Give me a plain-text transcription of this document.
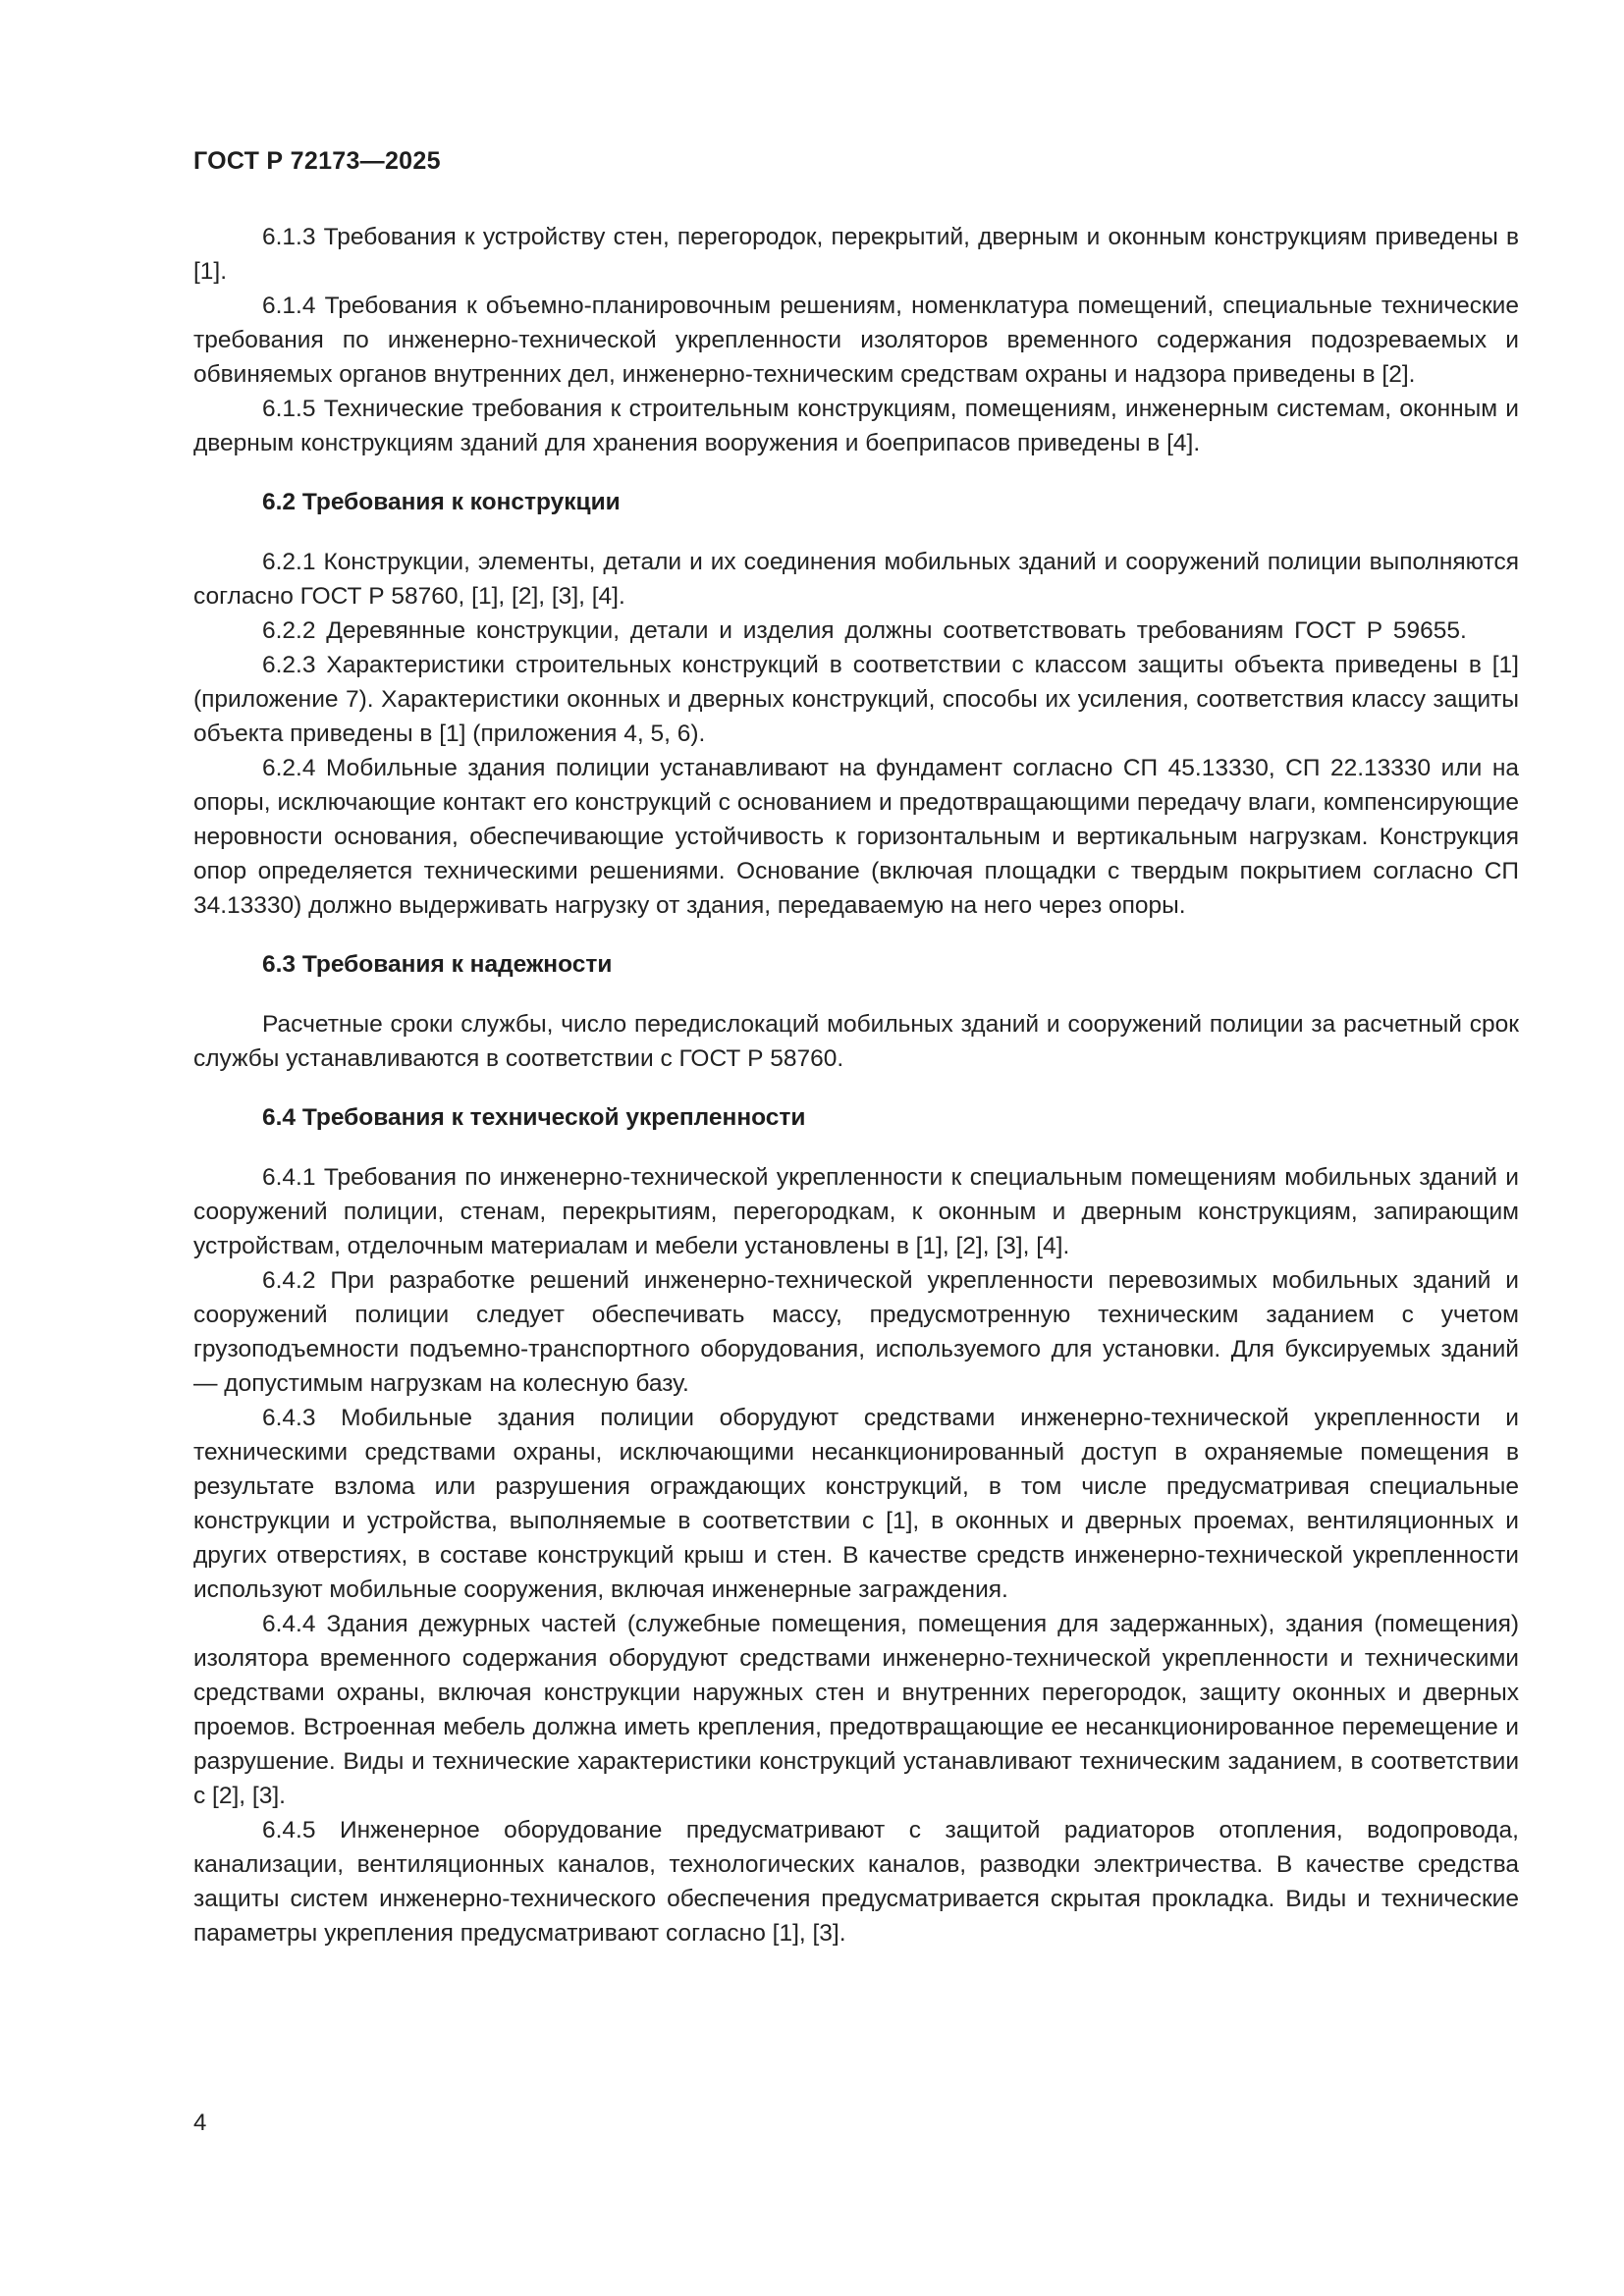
ГОСТ Р 72173—2025

6.1.3 Требования к устройству стен, перегородок, перекрытий, дверным и оконным конструкциям приведены в [1].

6.1.4 Требования к объемно-планировочным решениям, номенклатура помещений, специальные технические требования по инженерно-технической укрепленности изоляторов временного содержания подозреваемых и обвиняемых органов внутренних дел, инженерно-техническим средствам охраны и надзора приведены в [2].

6.1.5 Технические требования к строительным конструкциям, помещениям, инженерным системам, оконным и дверным конструкциям зданий для хранения вооружения и боеприпасов приведены в [4].

6.2 Требования к конструкции

6.2.1 Конструкции, элементы, детали и их соединения мобильных зданий и сооружений полиции выполняются согласно ГОСТ Р 58760, [1], [2], [3], [4].

6.2.2 Деревянные конструкции, детали и изделия должны соответствовать требованиям ГОСТ Р 59655.

6.2.3 Характеристики строительных конструкций в соответствии с классом защиты объекта приведены в [1] (приложение 7). Характеристики оконных и дверных конструкций, способы их усиления, соответствия классу защиты объекта приведены в [1] (приложения 4, 5, 6).

6.2.4 Мобильные здания полиции устанавливают на фундамент согласно СП 45.13330, СП 22.13330 или на опоры, исключающие контакт его конструкций с основанием и предотвращающими передачу влаги, компенсирующие неровности основания, обеспечивающие устойчивость к горизонтальным и вертикальным нагрузкам. Конструкция опор определяется техническими решениями. Основание (включая площадки с твердым покрытием согласно СП 34.13330) должно выдерживать нагрузку от здания, передаваемую на него через опоры.

6.3 Требования к надежности

Расчетные сроки службы, число передислокаций мобильных зданий и сооружений полиции за расчетный срок службы устанавливаются в соответствии с ГОСТ Р 58760.

6.4 Требования к технической укрепленности

6.4.1 Требования по инженерно-технической укрепленности к специальным помещениям мобильных зданий и сооружений полиции, стенам, перекрытиям, перегородкам, к оконным и дверным конструкциям, запирающим устройствам, отделочным материалам и мебели установлены в [1], [2], [3], [4].

6.4.2 При разработке решений инженерно-технической укрепленности перевозимых мобильных зданий и сооружений полиции следует обеспечивать массу, предусмотренную техническим заданием с учетом грузоподъемности подъемно-транспортного оборудования, используемого для установки. Для буксируемых зданий — допустимым нагрузкам на колесную базу.

6.4.3 Мобильные здания полиции оборудуют средствами инженерно-технической укрепленности и техническими средствами охраны, исключающими несанкционированный доступ в охраняемые помещения в результате взлома или разрушения ограждающих конструкций, в том числе предусматривая специальные конструкции и устройства, выполняемые в соответствии с [1], в оконных и дверных проемах, вентиляционных и других отверстиях, в составе конструкций крыш и стен. В качестве средств инженерно-технической укрепленности используют мобильные сооружения, включая инженерные заграждения.

6.4.4 Здания дежурных частей (служебные помещения, помещения для задержанных), здания (помещения) изолятора временного содержания оборудуют средствами инженерно-технической укрепленности и техническими средствами охраны, включая конструкции наружных стен и внутренних перегородок, защиту оконных и дверных проемов. Встроенная мебель должна иметь крепления, предотвращающие ее несанкционированное перемещение и разрушение. Виды и технические характеристики конструкций устанавливают техническим заданием, в соответствии с [2], [3].

6.4.5 Инженерное оборудование предусматривают с защитой радиаторов отопления, водопровода, канализации, вентиляционных каналов, технологических каналов, разводки электричества. В качестве средства защиты систем инженерно-технического обеспечения предусматривается скрытая прокладка. Виды и технические параметры укрепления предусматривают согласно [1], [3].

4
